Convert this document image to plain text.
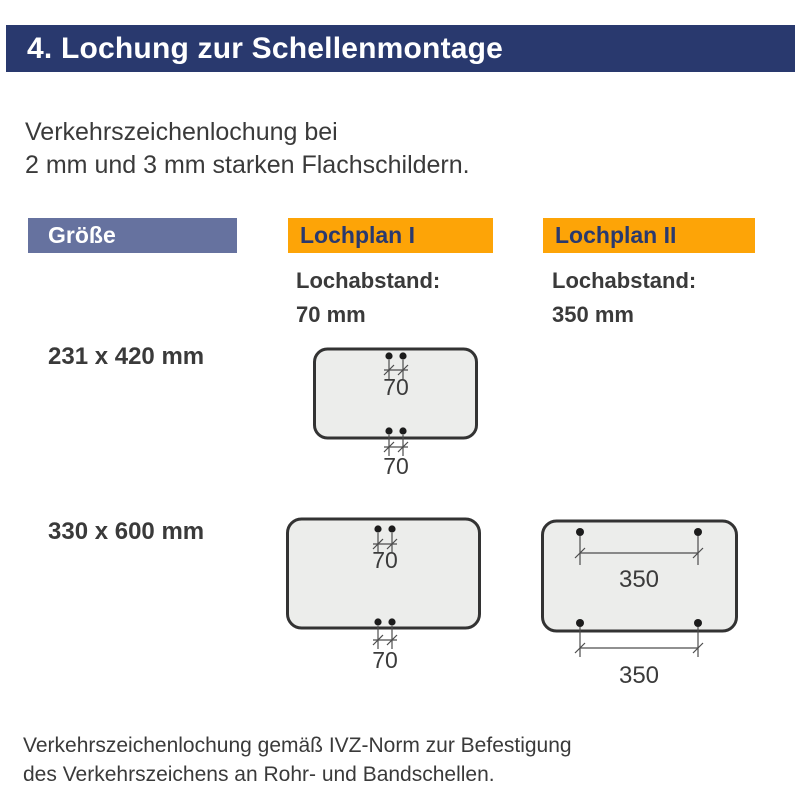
4. Lochung zur Schellenmontage
Verkehrszeichenlochung bei
2 mm und 3 mm starken Flachschildern.
Größe	Lochplan I	Lochplan II
Lochabstand:
70 mm
Lochabstand:
350 mm
231 x 420 mm
330 x 600 mm
70
70
70
70
350
350
Verkehrszeichenlochung gemäß IVZ-Norm zur Befestigung
des Verkehrszeichens an Rohr- und Bandschellen.
